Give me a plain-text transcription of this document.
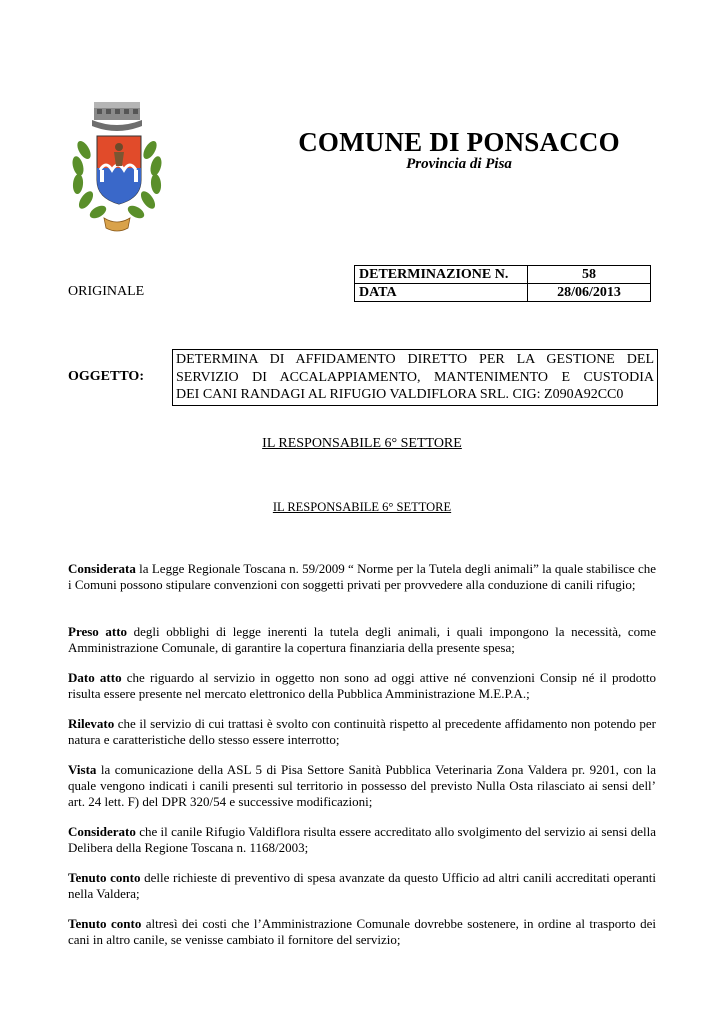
COMUNE DI PONSACCO
Provincia di Pisa
ORIGINALE
DETERMINAZIONE N.	58
DATA	28/06/2013
OGGETTO:
DETERMINA DI AFFIDAMENTO DIRETTO PER LA GESTIONE DEL SERVIZIO DI ACCALAPPIAMENTO, MANTENIMENTO E CUSTODIA
DEI CANI RANDAGI AL RIFUGIO VALDIFLORA SRL. CIG: Z090A92CC0
IL RESPONSABILE 6° SETTORE
IL RESPONSABILE 6° SETTORE
Considerata la Legge Regionale Toscana n. 59/2009 “ Norme per la Tutela degli animali” la quale stabilisce che i Comuni possono stipulare convenzioni con soggetti privati per provvedere alla conduzione di canili rifugio;
Preso atto degli obblighi di legge inerenti la tutela degli animali, i quali impongono la necessità, come Amministrazione Comunale, di garantire la copertura finanziaria della presente spesa;
Dato atto che riguardo al servizio in oggetto non sono ad oggi attive né convenzioni Consip né il prodotto risulta essere presente nel mercato elettronico della Pubblica Amministrazione M.E.P.A.;
Rilevato che il servizio di cui trattasi è svolto con continuità rispetto al precedente affidamento non potendo per natura e caratteristiche dello stesso essere interrotto;
Vista la comunicazione della ASL 5 di Pisa Settore Sanità Pubblica Veterinaria Zona Valdera pr. 9201, con la quale vengono indicati i canili presenti sul territorio in possesso del previsto Nulla Osta rilasciato ai sensi dell’ art. 24 lett. F) del DPR 320/54 e successive modificazioni;
Considerato che il canile Rifugio Valdiflora risulta essere accreditato allo svolgimento del servizio ai sensi della Delibera della Regione Toscana n. 1168/2003;
Tenuto conto delle richieste di preventivo di spesa avanzate da questo Ufficio ad altri canili accreditati operanti nella Valdera;
Tenuto conto altresì dei costi che l’Amministrazione Comunale dovrebbe sostenere, in ordine al trasporto dei cani in altro canile, se venisse cambiato il fornitore del servizio;
